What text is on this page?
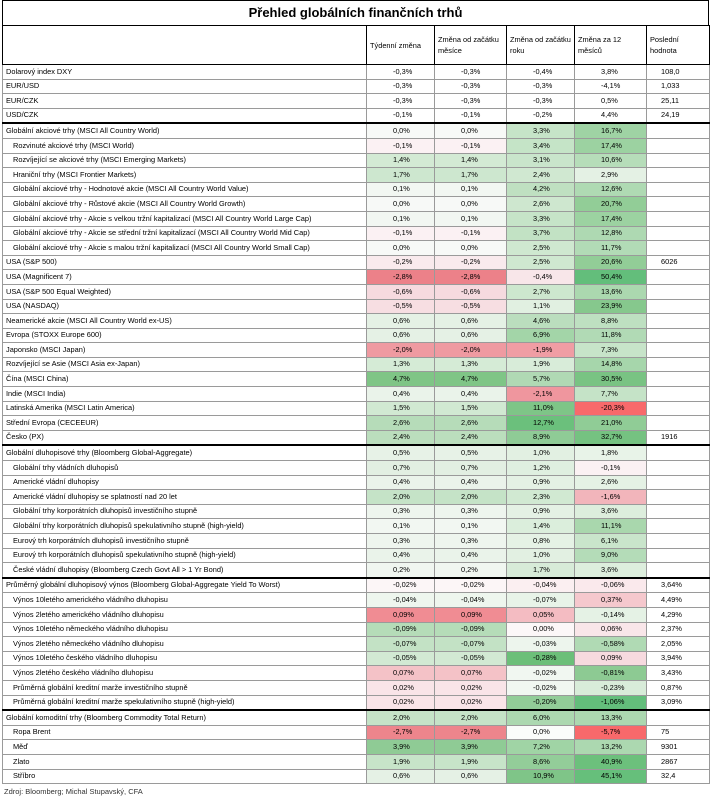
Přehled globálních finančních trhů
	Týdenní změna	Změna od začátku měsíce	Změna od začátku roku	Změna za 12 měsíců	Poslední hodnota
Dolarový index DXY	-0,3%	-0,3%	-0,4%	3,8%	108,0
EUR/USD	-0,3%	-0,3%	-0,3%	-4,1%	1,033
EUR/CZK	-0,3%	-0,3%	-0,3%	0,5%	25,11
USD/CZK	-0,1%	-0,1%	-0,2%	4,4%	24,19
Globální akciové trhy (MSCI All Country World)	0,0%	0,0%	3,3%	16,7%	
Rozvinuté akciové trhy (MSCI World)	-0,1%	-0,1%	3,4%	17,4%	
Rozvíjející se akciové trhy (MSCI Emerging Markets)	1,4%	1,4%	3,1%	10,6%	
Hraniční trhy (MSCI Frontier Markets)	1,7%	1,7%	2,4%	2,9%	
Globální akciové trhy - Hodnotové akcie (MSCI All Country World Value)	0,1%	0,1%	4,2%	12,6%	
Globální akciové trhy - Růstové akcie (MSCI All Country World Growth)	0,0%	0,0%	2,6%	20,7%	
Globální akciové trhy - Akcie s velkou tržní kapitalizací (MSCI All Country World Large Cap)	0,1%	0,1%	3,3%	17,4%	
Globální akciové trhy - Akcie se střední tržní kapitalizací (MSCI All Country World Mid Cap)	-0,1%	-0,1%	3,7%	12,8%	
Globální akciové trhy - Akcie s malou tržní kapitalizací (MSCI All Country World Small Cap)	0,0%	0,0%	2,5%	11,7%	
USA (S&P 500)	-0,2%	-0,2%	2,5%	20,6%	6026
USA (Magnificent 7)	-2,8%	-2,8%	-0,4%	50,4%	
USA (S&P 500 Equal Weighted)	-0,6%	-0,6%	2,7%	13,6%	
USA (NASDAQ)	-0,5%	-0,5%	1,1%	23,9%	
Neamerické akcie (MSCI All Country World ex-US)	0,6%	0,6%	4,6%	8,8%	
Evropa (STOXX Europe 600)	0,6%	0,6%	6,9%	11,8%	
Japonsko (MSCI Japan)	-2,0%	-2,0%	-1,9%	7,3%	
Rozvíjející se Asie (MSCI Asia ex-Japan)	1,3%	1,3%	1,9%	14,8%	
Čína (MSCI China)	4,7%	4,7%	5,7%	30,5%	
Indie (MSCI India)	0,4%	0,4%	-2,1%	7,7%	
Latinská Amerika (MSCI Latin America)	1,5%	1,5%	11,0%	-20,3%	
Střední Evropa (CECEEUR)	2,6%	2,6%	12,7%	21,0%	
Česko (PX)	2,4%	2,4%	8,9%	32,7%	1916
Globální dluhopisové trhy (Bloomberg Global-Aggregate)	0,5%	0,5%	1,0%	1,8%	
Globální trhy vládních dluhopisů	0,7%	0,7%	1,2%	-0,1%	
Americké vládní dluhopisy	0,4%	0,4%	0,9%	2,6%	
Americké vládní dluhopisy se splatností nad 20 let	2,0%	2,0%	2,3%	-1,6%	
Globální trhy korporátních dluhopisů investičního stupně	0,3%	0,3%	0,9%	3,6%	
Globální trhy korporátních dluhopisů spekulativního stupně (high-yield)	0,1%	0,1%	1,4%	11,1%	
Eurový trh korporátních dluhopisů investičního stupně	0,3%	0,3%	0,8%	6,1%	
Eurový trh korporátních dluhopisů spekulativního stupně (high-yield)	0,4%	0,4%	1,0%	9,0%	
České vládní dluhopisy (Bloomberg Czech Govt All > 1 Yr Bond)	0,2%	0,2%	1,7%	3,6%	
Průměrný globální dluhopisový výnos (Bloomberg Global-Aggregate Yield To Worst)	-0,02%	-0,02%	-0,04%	-0,06%	3,64%
Výnos 10letého amerického vládního dluhopisu	-0,04%	-0,04%	-0,07%	0,37%	4,49%
Výnos 2letého amerického vládního dluhopisu	0,09%	0,09%	0,05%	-0,14%	4,29%
Výnos 10letého německého vládního dluhopisu	-0,09%	-0,09%	0,00%	0,06%	2,37%
Výnos 2letého německého vládního dluhopisu	-0,07%	-0,07%	-0,03%	-0,58%	2,05%
Výnos 10letého českého vládního dluhopisu	-0,05%	-0,05%	-0,28%	0,09%	3,94%
Výnos 2letého českého vládního dluhopisu	0,07%	0,07%	-0,02%	-0,81%	3,43%
Průměrná globální kreditní marže investičního stupně	0,02%	0,02%	-0,02%	-0,23%	0,87%
Průměrná globální kreditní marže spekulativního stupně (high-yield)	0,02%	0,02%	-0,20%	-1,06%	3,09%
Globální komoditní trhy (Bloomberg Commodity Total Return)	2,0%	2,0%	6,0%	13,3%	
Ropa Brent	-2,7%	-2,7%	0,0%	-5,7%	75
Měď	3,9%	3,9%	7,2%	13,2%	9301
Zlato	1,9%	1,9%	8,6%	40,9%	2867
Stříbro	0,6%	0,6%	10,9%	45,1%	32,4
Zdroj: Bloomberg; Michal Stupavský, CFA
